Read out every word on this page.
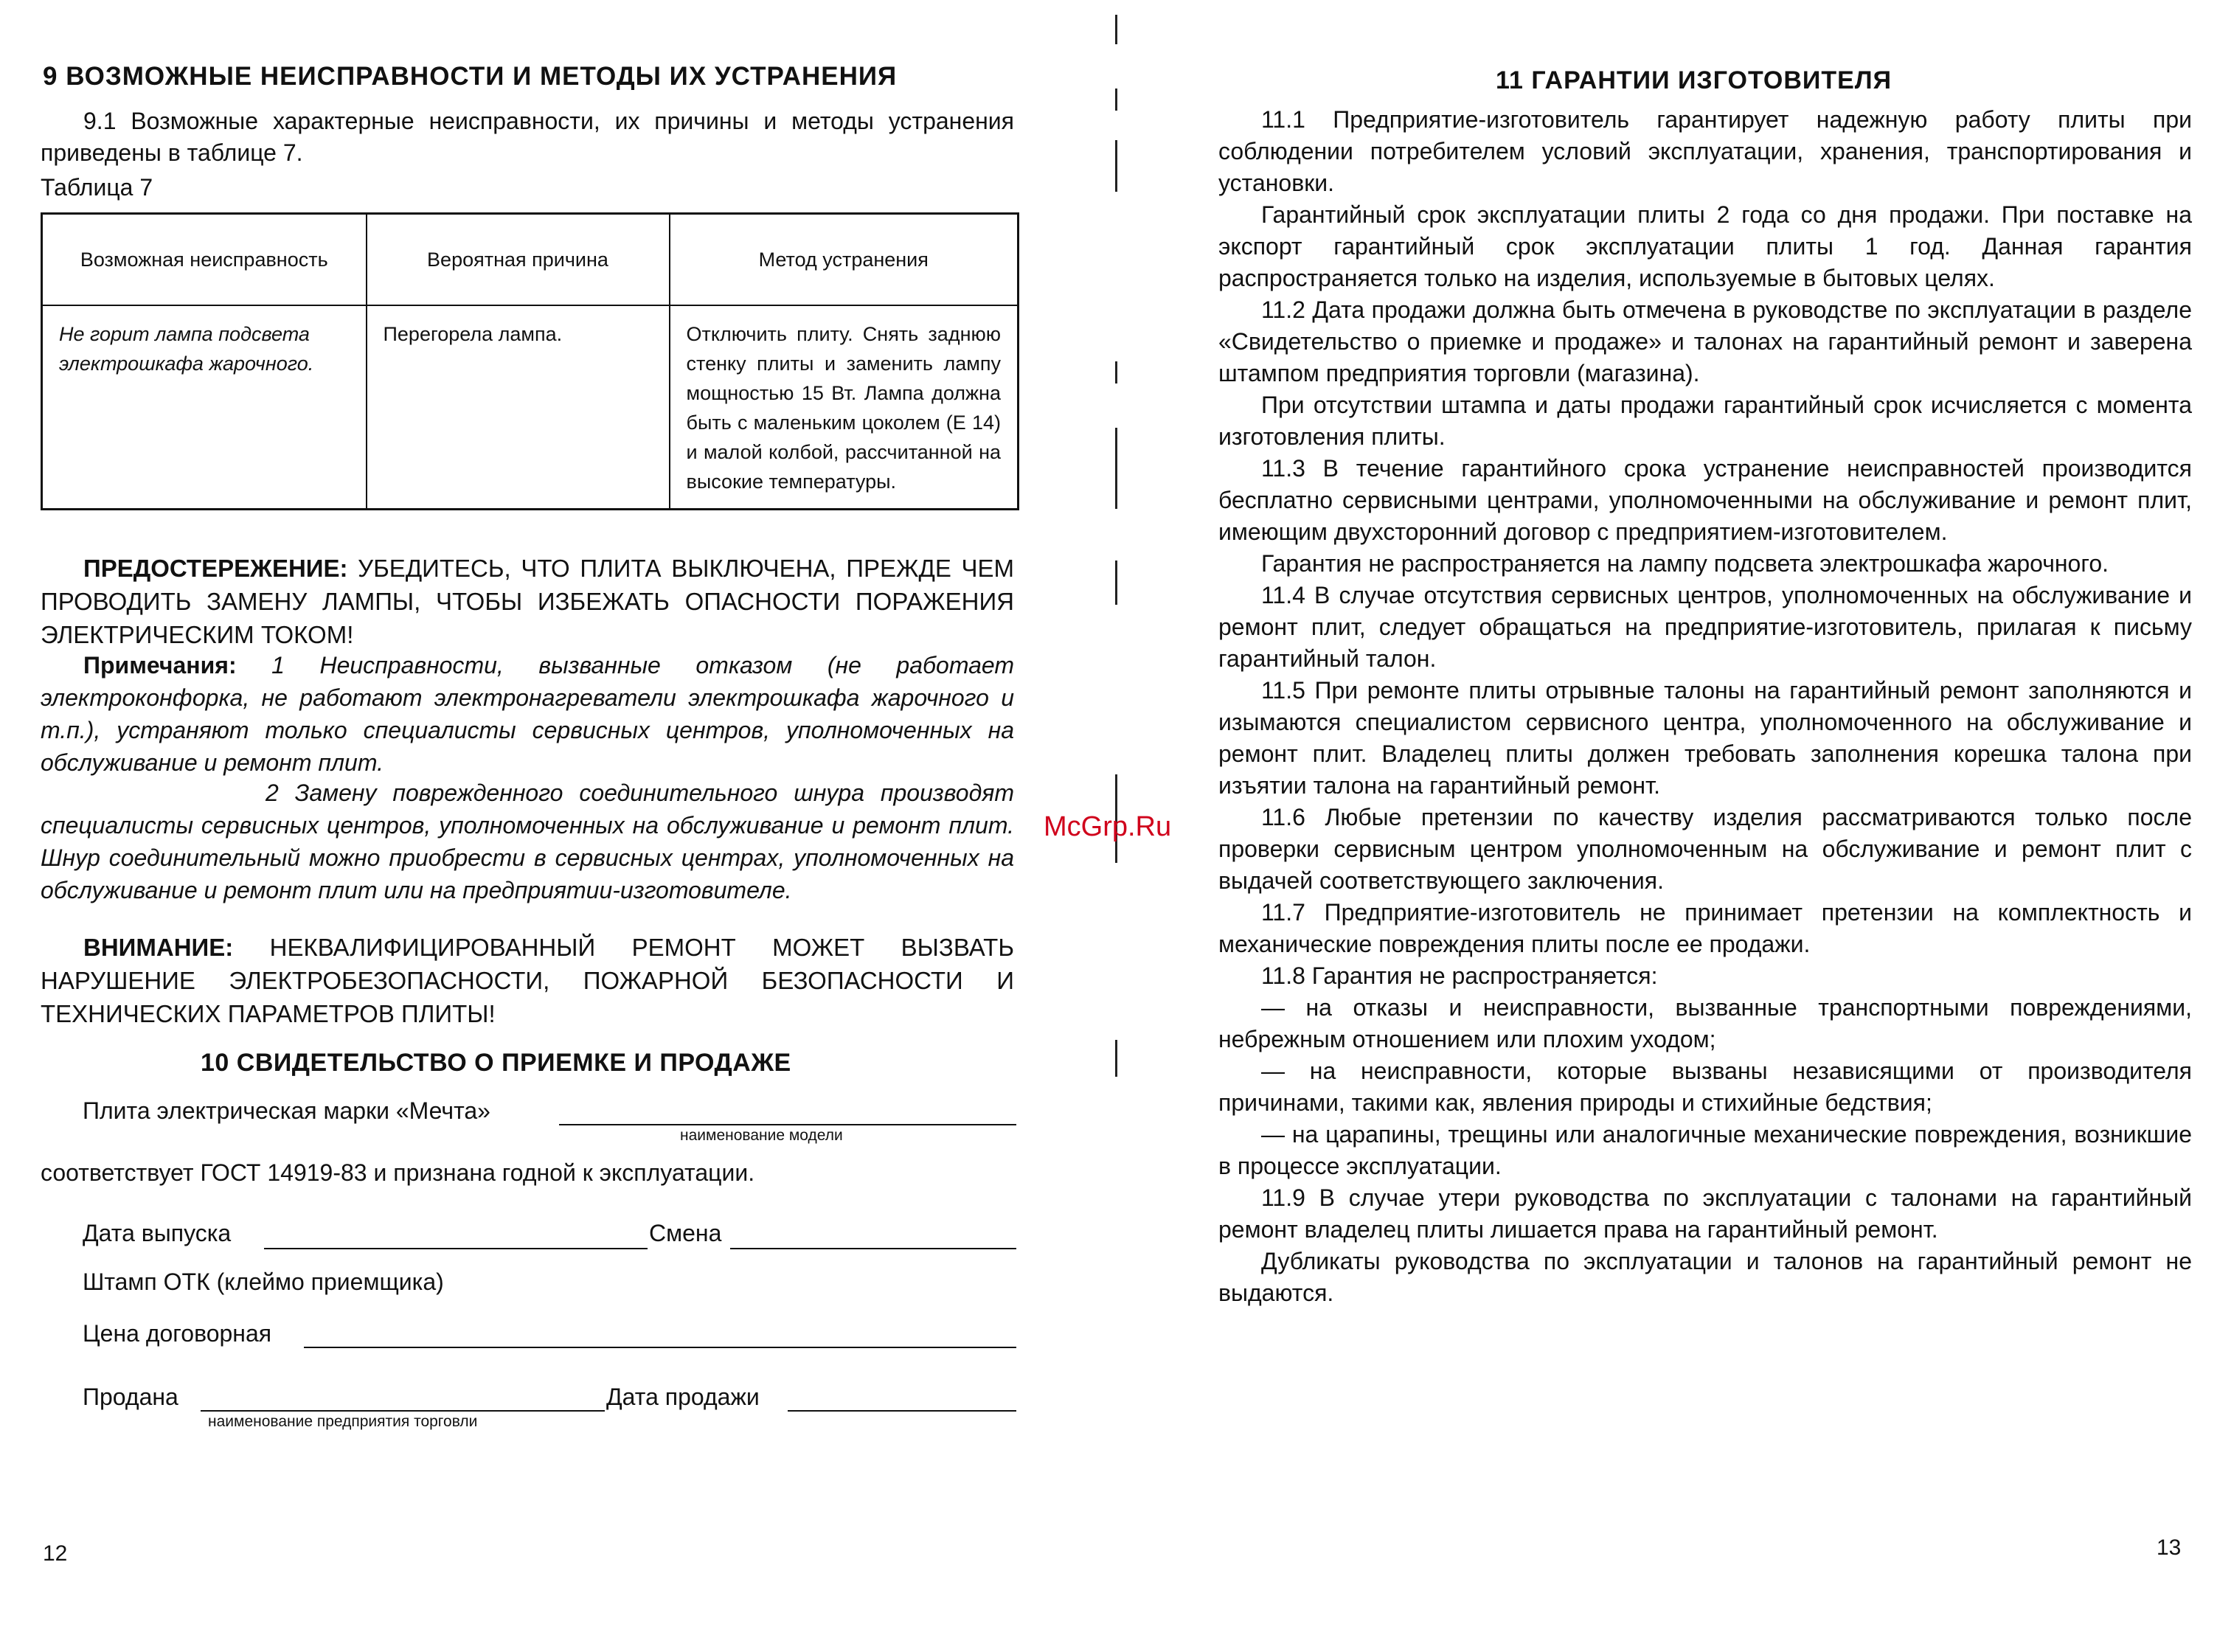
9 ВОЗМОЖНЫЕ НЕИСПРАВНОСТИ И МЕТОДЫ ИХ УСТРАНЕНИЯ
9.1 Возможные характерные неисправности, их причины и методы устранения приведены в таблице 7.
Таблица 7
Возможная неисправность	Вероятная причина	Метод устранения
Не горит лампа подсвета электрошкафа жарочного.	Перегорела лампа.	Отключить плиту. Снять заднюю стенку плиты и заменить лампу мощностью 15 Вт. Лампа должна быть с маленьким цоколем (Е 14) и малой колбой, рассчитанной на высокие температуры.
ПРЕДОСТЕРЕЖЕНИЕ: УБЕДИТЕСЬ, ЧТО ПЛИТА ВЫКЛЮЧЕНА, ПРЕЖДЕ ЧЕМ ПРОВОДИТЬ ЗАМЕНУ ЛАМПЫ, ЧТОБЫ ИЗБЕЖАТЬ ОПАСНОСТИ ПОРАЖЕНИЯ ЭЛЕКТРИЧЕСКИМ ТОКОМ!
Примечания: 1 Неисправности, вызванные отказом (не работает электроконфорка, не работают электронагреватели электрошкафа жарочного и т.п.), устраняют только специалисты сервисных центров, уполномоченных на обслуживание и ремонт плит.
2 Замену поврежденного соединительного шнура производят специалисты сервисных центров, уполномоченных на обслуживание и ремонт плит. Шнур соединительный можно приобрести в сервисных центрах, уполномоченных на обслуживание и ремонт плит или на предприятии-изготовителе.
ВНИМАНИЕ: НЕКВАЛИФИЦИРОВАННЫЙ РЕМОНТ МОЖЕТ ВЫЗВАТЬ НАРУШЕНИЕ ЭЛЕКТРОБЕЗОПАСНОСТИ, ПОЖАРНОЙ БЕЗОПАСНОСТИ И ТЕХНИЧЕСКИХ ПАРАМЕТРОВ ПЛИТЫ!
10 СВИДЕТЕЛЬСТВО О ПРИЕМКЕ И ПРОДАЖЕ
Плита электрическая марки «Мечта»
наименование модели
соответствует ГОСТ 14919-83 и признана годной к эксплуатации.
Дата выпуска	Смена
Штамп ОТК (клеймо приемщика)
Цена договорная
Продана	Дата продажи
наименование предприятия торговли
12
McGrp.Ru
11 ГАРАНТИИ ИЗГОТОВИТЕЛЯ

11.1 Предприятие-изготовитель гарантирует надежную работу плиты при соблюдении потребителем условий эксплуатации, хранения, транспортирования и установки.

Гарантийный срок эксплуатации плиты 2 года со дня продажи. При поставке на экспорт гарантийный срок эксплуатации плиты 1 год. Данная гарантия распространяется только на изделия, используемые в бытовых целях.

11.2 Дата продажи должна быть отмечена в руководстве по эксплуатации в разделе «Свидетельство о приемке и продаже» и талонах на гарантийный ремонт и заверена штампом предприятия торговли (магазина).

При отсутствии штампа и даты продажи гарантийный срок исчисляется с момента изготовления плиты.

11.3 В течение гарантийного срока устранение неисправностей производится бесплатно сервисными центрами, уполномоченными на обслуживание и ремонт плит, имеющим двухсторонний договор с предприятием-изготовителем.

Гарантия не распространяется на лампу подсвета электрошкафа жарочного.

11.4 В случае отсутствия сервисных центров, уполномоченных на обслуживание и ремонт плит, следует обращаться на предприятие-изготовитель, прилагая к письму гарантийный талон.

11.5 При ремонте плиты отрывные талоны на гарантийный ремонт заполняются и изымаются специалистом сервисного центра, уполномоченного на обслуживание и ремонт плит. Владелец плиты должен требовать заполнения корешка талона при изъятии талона на гарантийный ремонт.

11.6 Любые претензии по качеству изделия рассматриваются только после проверки сервисным центром уполномоченным на обслуживание и ремонт плит с выдачей соответствующего заключения.

11.7 Предприятие-изготовитель не принимает претензии на комплектность и механические повреждения плиты после ее продажи.

11.8 Гарантия не распространяется:

— на отказы и неисправности, вызванные транспортными повреждениями, небрежным отношением или плохим уходом;

— на неисправности, которые вызваны независящими от производителя причинами, такими как, явления природы и стихийные бедствия;

— на царапины, трещины или аналогичные механические повреждения, возникшие в процессе эксплуатации.

11.9 В случае утери руководства по эксплуатации с талонами на гарантийный ремонт владелец плиты лишается права на гарантийный ремонт.

Дубликаты руководства по эксплуатации и талонов на гарантийный ремонт не выдаются.

13
